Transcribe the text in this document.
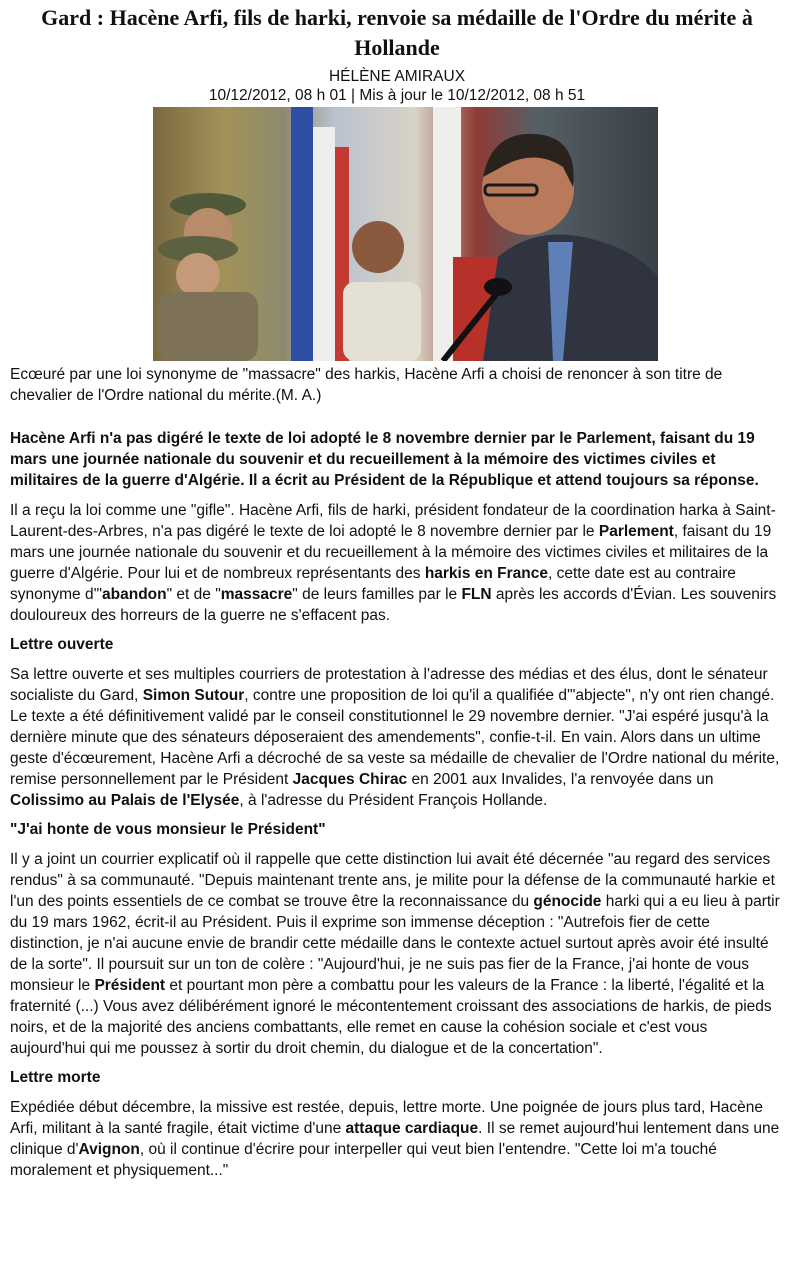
Gard : Hacène Arfi, fils de harki, renvoie sa médaille de l'Ordre du mérite à Hollande
HÉLÈNE AMIRAUX
10/12/2012, 08 h 01 | Mis à jour le 10/12/2012, 08 h 51
Ecœuré par une loi synonyme de "massacre" des harkis, Hacène Arfi a choisi de renoncer à son titre de chevalier de l'Ordre national du mérite.(M. A.)
Hacène Arfi n'a pas digéré le texte de loi adopté le 8 novembre dernier par le Parlement, faisant du 19 mars une journée nationale du souvenir et du recueillement à la mémoire des victimes civiles et militaires de la guerre d'Algérie. Il a écrit au Président de la République et attend toujours sa réponse.

Il a reçu la loi comme une "gifle". Hacène Arfi, fils de harki, président fondateur de la coordination harka à Saint-Laurent-des-Arbres, n'a pas digéré le texte de loi adopté le 8 novembre dernier par le Parlement, faisant du 19 mars une journée nationale du souvenir et du recueillement à la mémoire des victimes civiles et militaires de la guerre d'Algérie. Pour lui et de nombreux représentants des harkis en France, cette date est au contraire synonyme d'"abandon" et de "massacre" de leurs familles par le FLN après les accords d'Évian. Les souvenirs douloureux des horreurs de la guerre ne s'effacent pas.

Lettre ouverte

Sa lettre ouverte et ses multiples courriers de protestation à l'adresse des médias et des élus, dont le sénateur socialiste du Gard, Simon Sutour, contre une proposition de loi qu'il a qualifiée d'"abjecte", n'y ont rien changé. Le texte a été définitivement validé par le conseil constitutionnel le 29 novembre dernier. "J'ai espéré jusqu'à la dernière minute que des sénateurs déposeraient des amendements", confie-t-il. En vain. Alors dans un ultime geste d'écœurement, Hacène Arfi a décroché de sa veste sa médaille de chevalier de l'Ordre national du mérite, remise personnellement par le Président Jacques Chirac en 2001 aux Invalides, l'a renvoyée dans un Colissimo au Palais de l'Elysée, à l'adresse du Président François Hollande.

"J'ai honte de vous monsieur le Président"

Il y a joint un courrier explicatif où il rappelle que cette distinction lui avait été décernée "au regard des services rendus" à sa communauté. "Depuis maintenant trente ans, je milite pour la défense de la communauté harkie et l'un des points essentiels de ce combat se trouve être la reconnaissance du génocide harki qui a eu lieu à partir du 19 mars 1962, écrit-il au Président. Puis il exprime son immense déception : "Autrefois fier de cette distinction, je n'ai aucune envie de brandir cette médaille dans le contexte actuel surtout après avoir été insulté de la sorte". Il poursuit sur un ton de colère : "Aujourd'hui, je ne suis pas fier de la France, j'ai honte de vous monsieur le Président et pourtant mon père a combattu pour les valeurs de la France : la liberté, l'égalité et la fraternité (...) Vous avez délibérément ignoré le mécontentement croissant des associations de harkis, de pieds noirs, et de la majorité des anciens combattants, elle remet en cause la cohésion sociale et c'est vous aujourd'hui qui me poussez à sortir du droit chemin, du dialogue et de la concertation".

Lettre morte

Expédiée début décembre, la missive est restée, depuis, lettre morte. Une poignée de jours plus tard, Hacène Arfi, militant à la santé fragile, était victime d'une attaque cardiaque. Il se remet aujourd'hui lentement dans une clinique d'Avignon, où il continue d'écrire pour interpeller qui veut bien l'entendre. "Cette loi m'a touché moralement et physiquement..."
